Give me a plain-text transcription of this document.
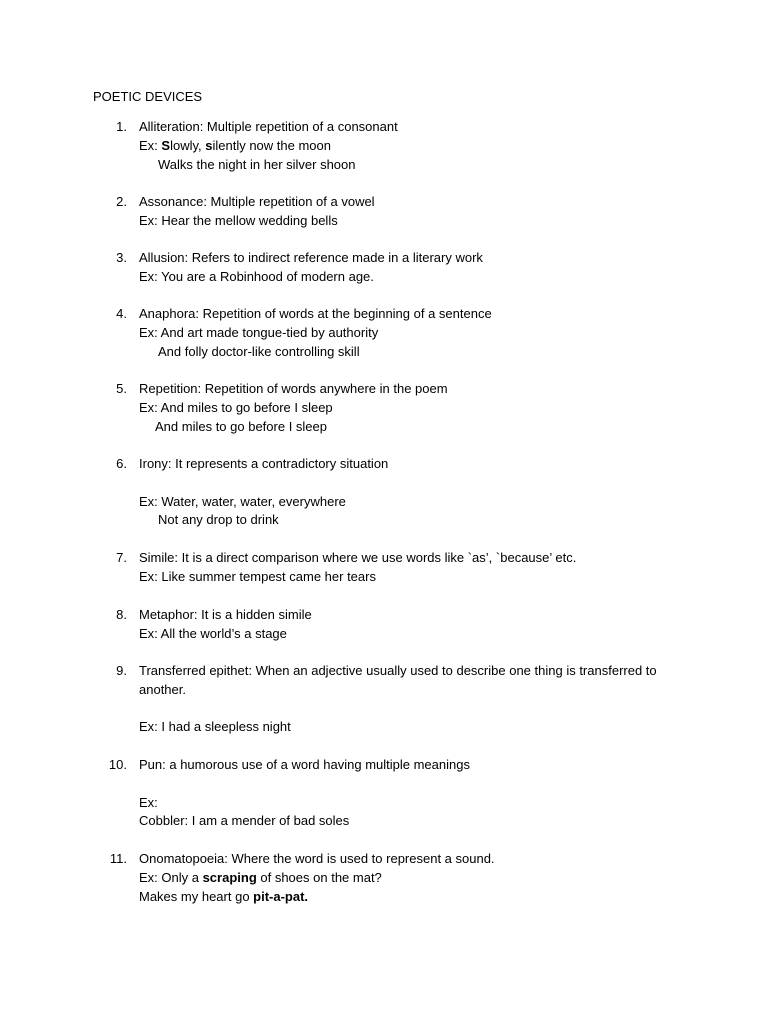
POETIC DEVICES
1. Alliteration: Multiple repetition of a consonant
Ex: Slowly, silently now the moon
Walks the night in her silver shoon
2. Assonance: Multiple repetition of a vowel
Ex: Hear the mellow wedding bells
3. Allusion: Refers to indirect reference made in a literary work
Ex: You are a Robinhood of modern age.
4. Anaphora: Repetition of words at the beginning of a sentence
Ex: And art made tongue-tied by authority
And folly doctor-like controlling skill
5. Repetition: Repetition of words anywhere in the poem
Ex: And miles to go before I sleep
And miles to go before I sleep
6. Irony: It represents a contradictory situation
Ex: Water, water, water, everywhere
Not any drop to drink
7. Simile: It is a direct comparison where we use words like `as’, `because’ etc.
Ex: Like summer tempest came her tears
8. Metaphor: It is a hidden simile
Ex: All the world’s a stage
9. Transferred epithet: When an adjective usually used to describe one thing is transferred to another.
Ex: I had a sleepless night
10. Pun: a humorous use of a word having multiple meanings
Ex:
Cobbler: I am a mender of bad soles
11. Onomatopoeia: Where the word is used to represent a sound.
Ex: Only a scraping of shoes on the mat?
Makes my heart go pit-a-pat.
